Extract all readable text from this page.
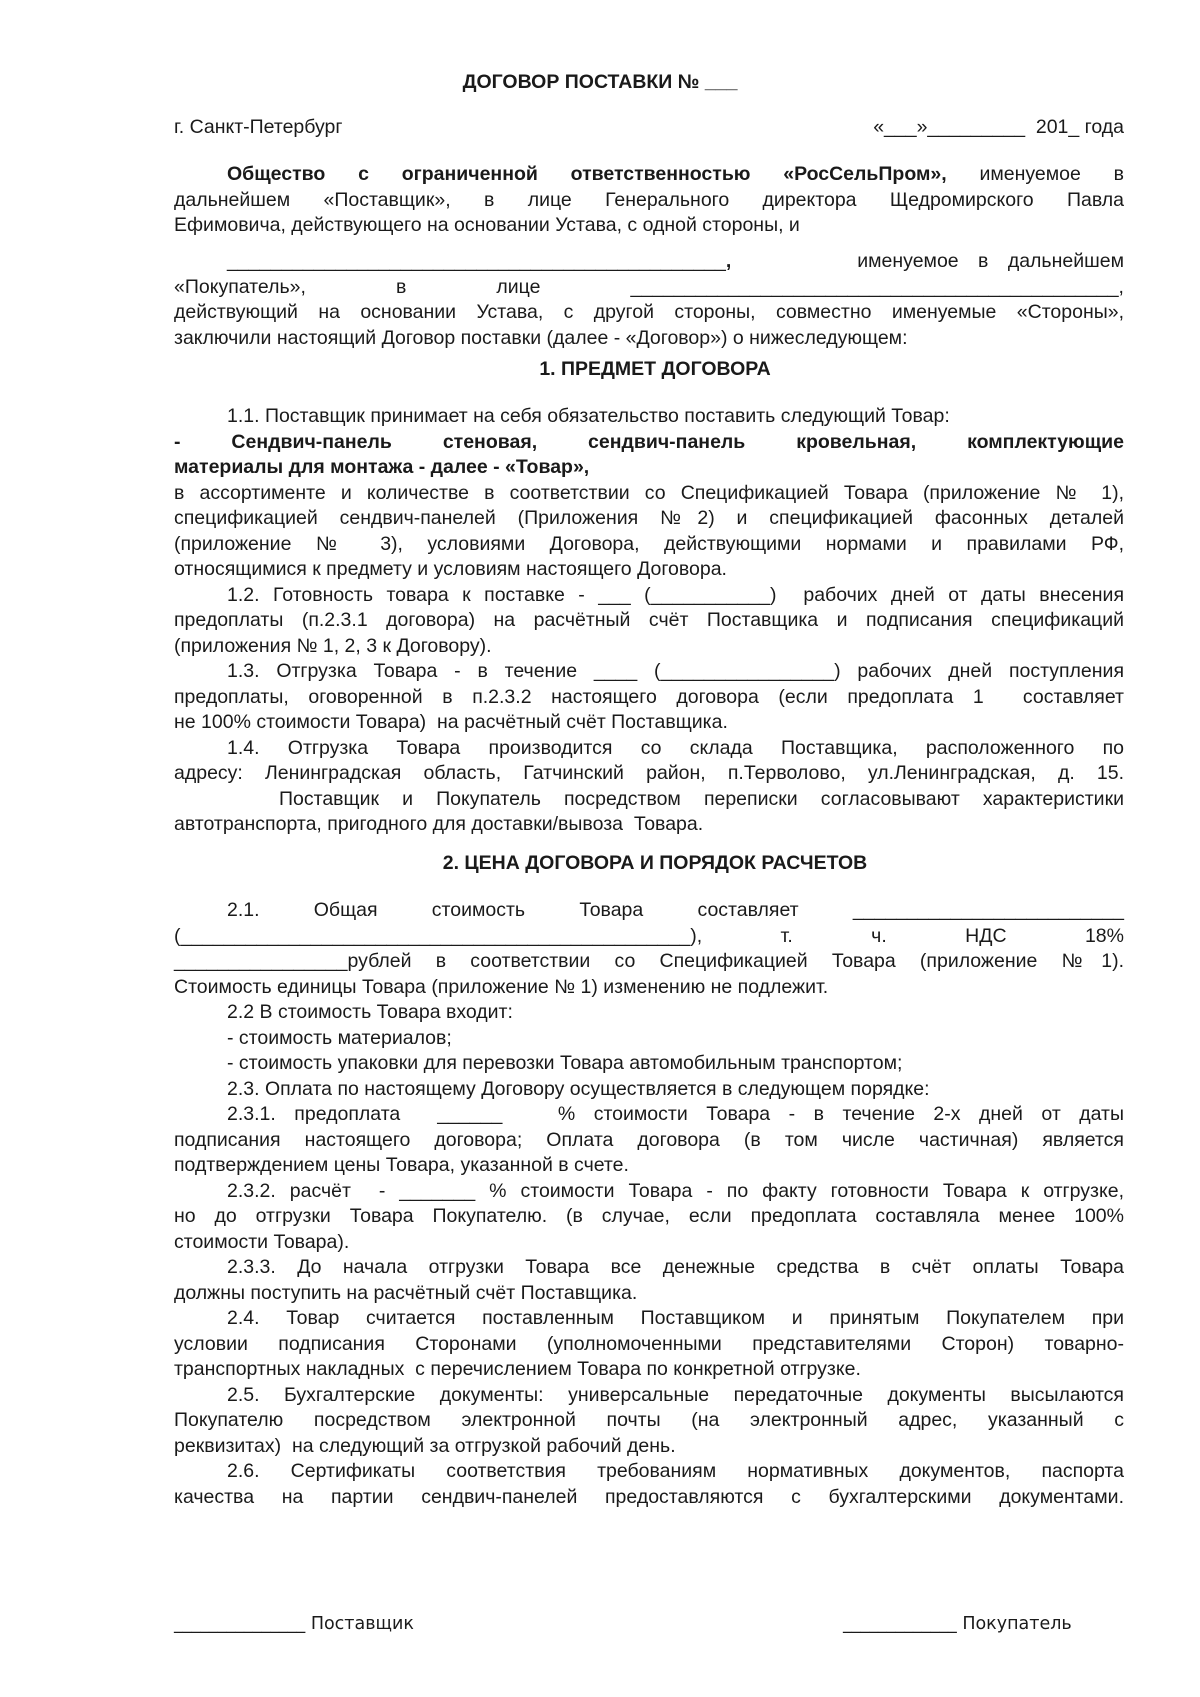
ДОГОВОР ПОСТАВКИ № ___
г. Санкт-Петербург	«___»_________  201_ года
Общество с ограниченной ответственностью «РосСельПром», именуемое в
дальнейшем «Поставщик», в лице Генерального директора Щедромирского Павла
Ефимовича, действующего на основании Устава, с одной стороны, и
______________________________________________,	именуемое в дальнейшем
«Покупатель»,	в	лице	_____________________________________________,
действующий на основании Устава, с другой стороны, совместно именуемые «Стороны»,
заключили настоящий Договор поставки (далее - «Договор») о нижеследующем:
1. ПРЕДМЕТ ДОГОВОРА
1.1. Поставщик принимает на себя обязательство поставить следующий Товар:
-  Сендвич-панель  стеновая,  сендвич-панель  кровельная,  комплектующие
материалы для монтажа - далее - «Товар»,
в ассортименте и количестве в соответствии со Спецификацией Товара (приложение № 1),
спецификацией сендвич-панелей (Приложения №2) и спецификацией фасонных деталей
(приложение № 3), условиями Договора, действующими нормами и правилами РФ,
относящимися к предмету и условиям настоящего Договора.
1.2. Готовность товара к поставке - ___ (___________)  рабочих дней от даты внесения
предоплаты (п.2.3.1 договора) на расчётный счёт Поставщика и подписания спецификаций
(приложения № 1, 2, 3 к Договору).
1.3. Отгрузка Товара - в течение ____ (________________) рабочих дней поступления
предоплаты, оговоренной в п.2.3.2 настоящего договора (если предоплата 1  составляет
не 100% стоимости Товара)  на расчётный счёт Поставщика.
1.4. Отгрузка Товара производится со склада Поставщика, расположенного по
адресу: Ленинградская область, Гатчинский район, п.Терволово, ул.Ленинградская, д. 15.
Поставщик и Покупатель посредством переписки согласовывают характеристики
автотранспорта, пригодного для доставки/вывоза  Товара.
2. ЦЕНА ДОГОВОРА И ПОРЯДОК РАСЧЕТОВ
2.1.	Общая	стоимость	Товара	составляет	_________________________
(_______________________________________________),	т.	ч.	НДС	18%
________________рублей в соответствии со Спецификацией Товара (приложение №1).
Стоимость единицы Товара (приложение № 1) изменению не подлежит.
2.2 В стоимость Товара входит:
- стоимость материалов;
- стоимость упаковки для перевозки Товара автомобильным транспортом;
2.3. Оплата по настоящему Договору осуществляется в следующем порядке:
2.3.1. предоплата  ______   % стоимости Товара - в течение 2-х дней от даты
подписания настоящего договора; Оплата договора (в том числе частичная) является
подтверждением цены Товара, указанной в счете.
2.3.2. расчёт  - _______ % стоимости Товара - по факту готовности Товара к отгрузке,
но до отгрузки Товара Покупателю. (в случае, если предоплата составляла менее 100%
стоимости Товара).
2.3.3. До начала отгрузки Товара все денежные средства в счёт оплаты Товара
должны поступить на расчётный счёт Поставщика.
2.4. Товар считается поставленным Поставщиком и принятым Покупателем при
условии подписания Сторонами (уполномоченными представителями Сторон) товарно-
транспортных накладных  с перечислением Товара по конкретной отгрузке.
2.5. Бухгалтерские документы: универсальные передаточные документы высылаются
Покупателю посредством электронной почты (на электронный адрес, указанный с
реквизитах)  на следующий за отгрузкой рабочий день.
2.6. Сертификаты соответствия требованиям нормативных документов, паспорта
качества на партии сендвич-панелей предоставляются с бухгалтерскими документами.
_______________ Поставщик	_____________ Покупатель
